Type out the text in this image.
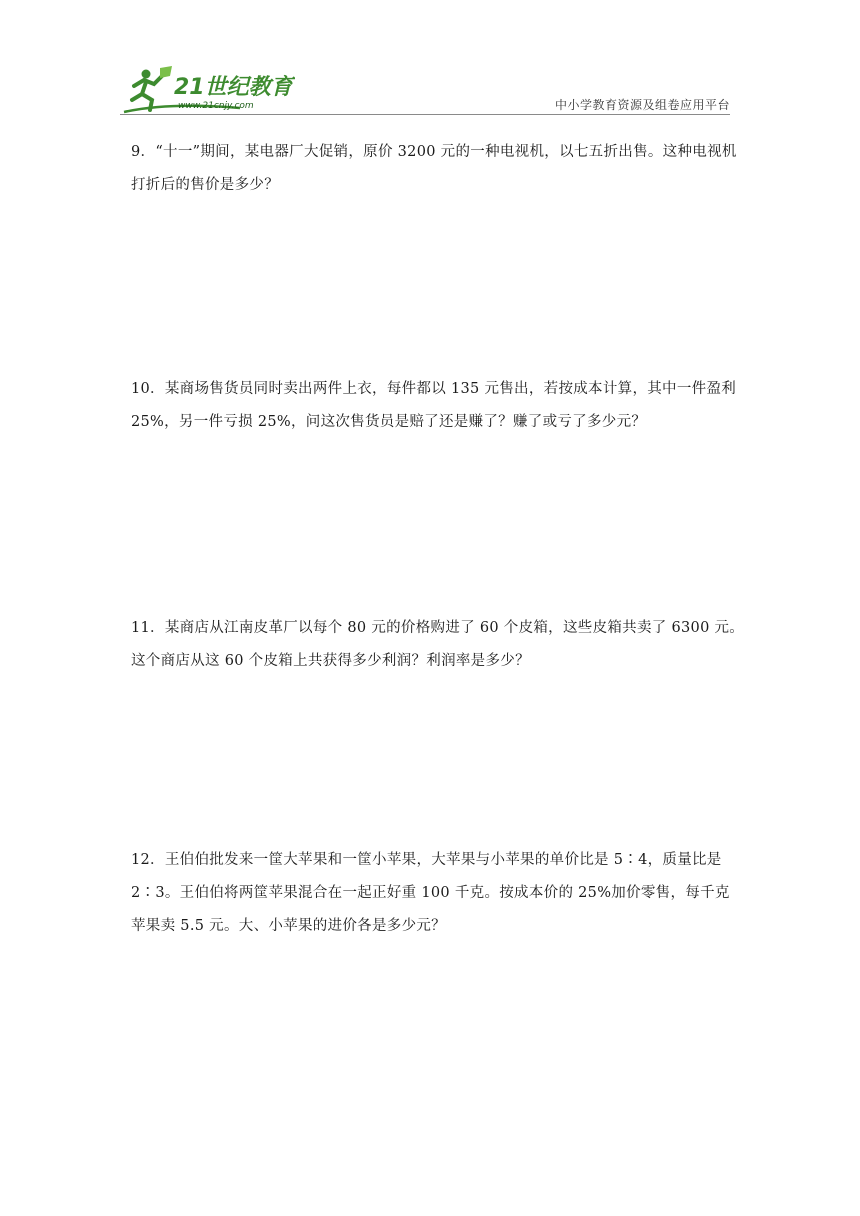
21世纪教育
www.21cnjy.com	中小学教育资源及组卷应用平台

9．“十一”期间，某电器厂大促销，原价 3200 元的一种电视机，以七五折出售。这种电视机

打折后的售价是多少？

10．某商场售货员同时卖出两件上衣，每件都以 135 元售出，若按成本计算，其中一件盈利

25%，另一件亏损 25%，问这次售货员是赔了还是赚了？赚了或亏了多少元？

11．某商店从江南皮革厂以每个 80 元的价格购进了 60 个皮箱，这些皮箱共卖了 6300 元。

这个商店从这 60 个皮箱上共获得多少利润？利润率是多少？

12．王伯伯批发来一筐大苹果和一筐小苹果，大苹果与小苹果的单价比是 5∶4，质量比是

2∶3。王伯伯将两筐苹果混合在一起正好重 100 千克。按成本价的 25%加价零售，每千克

苹果卖 5.5 元。大、小苹果的进价各是多少元？
